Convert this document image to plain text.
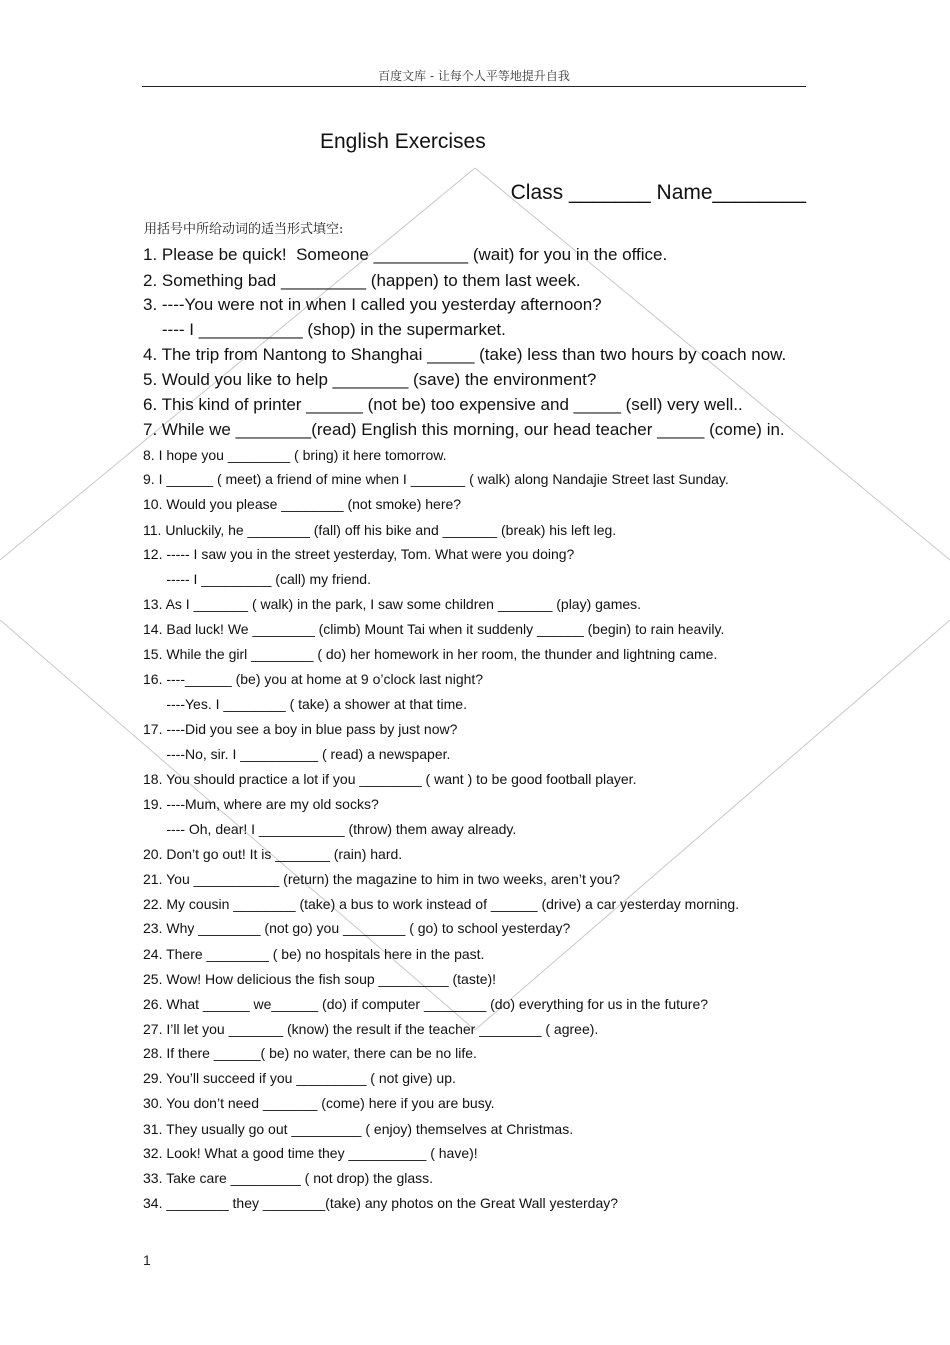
百度文库 - 让每个人平等地提升自我
English Exercises
Class _______ Name________
用括号中所给动词的适当形式填空:
1. Please be quick!  Someone __________ (wait) for you in the office.
2. Something bad _________ (happen) to them last week.
3. ----You were not in when I called you yesterday afternoon?
---- I ___________ (shop) in the supermarket.
4. The trip from Nantong to Shanghai _____ (take) less than two hours by coach now.
5. Would you like to help ________ (save) the environment?
6. This kind of printer ______ (not be) too expensive and _____ (sell) very well..
7. While we ________(read) English this morning, our head teacher _____ (come) in.
8. I hope you ________ ( bring) it here tomorrow.
9. I ______ ( meet) a friend of mine when I _______ ( walk) along Nandajie Street last Sunday.
10. Would you please ________ (not smoke) here?
11. Unluckily, he ________ (fall) off his bike and _______ (break) his left leg.
12. ----- I saw you in the street yesterday, Tom. What were you doing?
----- I _________ (call) my friend.
13. As I _______ ( walk) in the park, I saw some children _______ (play) games.
14. Bad luck! We ________ (climb) Mount Tai when it suddenly ______ (begin) to rain heavily.
15. While the girl ________ ( do) her homework in her room, the thunder and lightning came.
16. ----______ (be) you at home at 9 o’clock last night?
----Yes. I ________ ( take) a shower at that time.
17. ----Did you see a boy in blue pass by just now?
----No, sir. I __________ ( read) a newspaper.
18. You should practice a lot if you ________ ( want ) to be good football player.
19. ----Mum, where are my old socks?
---- Oh, dear! I ___________ (throw) them away already.
20. Don’t go out! It is _______ (rain) hard.
21. You ___________ (return) the magazine to him in two weeks, aren’t you?
22. My cousin ________ (take) a bus to work instead of ______ (drive) a car yesterday morning.
23. Why ________ (not go) you ________ ( go) to school yesterday?
24. There ________ ( be) no hospitals here in the past.
25. Wow! How delicious the fish soup _________ (taste)!
26. What ______ we______ (do) if computer ________ (do) everything for us in the future?
27. I’ll let you _______ (know) the result if the teacher ________ ( agree).
28. If there ______( be) no water, there can be no life.
29. You’ll succeed if you _________ ( not give) up.
30. You don’t need _______ (come) here if you are busy.
31. They usually go out _________ ( enjoy) themselves at Christmas.
32. Look! What a good time they __________ ( have)!
33. Take care _________ ( not drop) the glass.
34. ________ they ________(take) any photos on the Great Wall yesterday?
1
